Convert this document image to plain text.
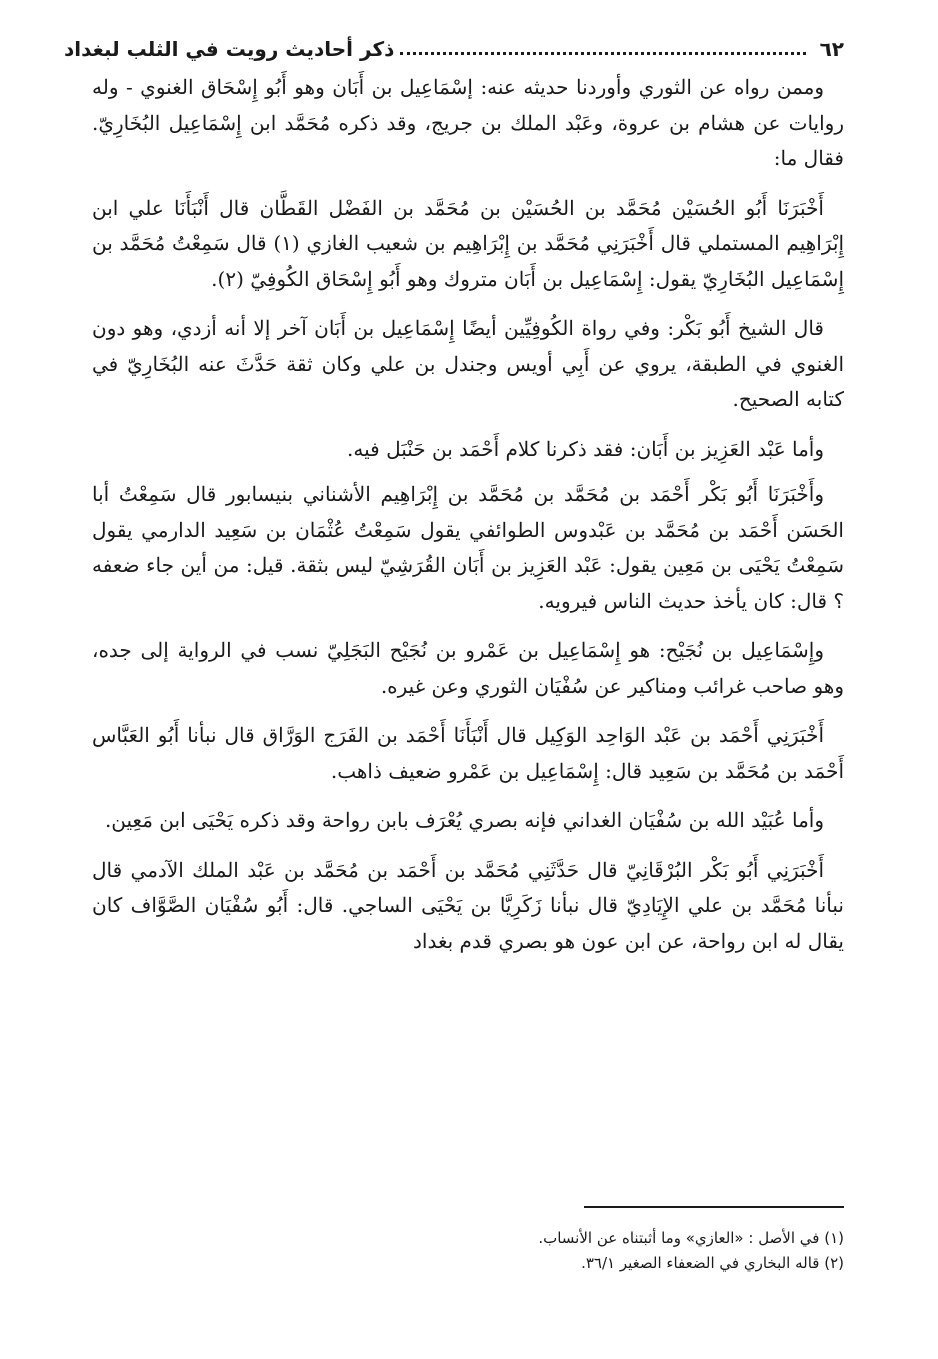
٦٢
ذكر أحاديث رويت في الثلب لبغداد

وممن رواه عن الثوري وأوردنا حديثه عنه: إسْمَاعِيل بن أَبَان وهو أَبُو إِسْحَاق الغنوي - وله روايات عن هشام بن عروة، وعَبْد الملك بن جريج، وقد ذكره مُحَمَّد ابن إِسْمَاعِيل البُخَارِيّ. فقال ما:

أَخْبَرَنَا أَبُو الحُسَيْن مُحَمَّد بن الحُسَيْن بن مُحَمَّد بن الفَضْل القَطَّان قال أَنْبَأَنَا علي ابن إِبْرَاهِيم المستملي قال أَخْبَرَنِي مُحَمَّد بن إِبْرَاهِيم بن شعيب الغازي (١) قال سَمِعْتُ مُحَمَّد بن إِسْمَاعِيل البُخَارِيّ يقول: إِسْمَاعِيل بن أَبَان متروك وهو أَبُو إِسْحَاق الكُوفِيّ (٢).

قال الشيخ أَبُو بَكْر: وفي رواة الكُوفِيِّين أيضًا إِسْمَاعِيل بن أَبَان آخر إلا أنه أزدي، وهو دون الغنوي في الطبقة، يروي عن أَبِي أويس وجندل بن علي وكان ثقة حَدَّثَ عنه البُخَارِيّ في كتابه الصحيح.

وأما عَبْد العَزِيز بن أَبَان: فقد ذكرنا كلام أَحْمَد بن حَنْبَل فيه.

وأَخْبَرَنَا أَبُو بَكْر أَحْمَد بن مُحَمَّد بن مُحَمَّد بن إِبْرَاهِيم الأشناني بنيسابور قال سَمِعْتُ أبا الحَسَن أَحْمَد بن مُحَمَّد بن عَبْدوس الطوائفي يقول سَمِعْتُ عُثْمَان بن سَعِيد الدارمي يقول سَمِعْتُ يَحْيَى بن مَعِين يقول: عَبْد العَزِيز بن أَبَان القُرَشِيّ ليس بثقة. قيل: من أين جاء ضعفه ؟ قال: كان يأخذ حديث الناس فيرويه.

وإِسْمَاعِيل بن نُجَيْح: هو إِسْمَاعِيل بن عَمْرو بن نُجَيْح البَجَلِيّ نسب في الرواية إلى جده، وهو صاحب غرائب ومناكير عن سُفْيَان الثوري وعن غيره.

أَخْبَرَنِي أَحْمَد بن عَبْد الوَاحِد الوَكِيل قال أَنْبَأَنَا أَحْمَد بن الفَرَج الوَرَّاق قال نبأنا أَبُو العَبَّاس أَحْمَد بن مُحَمَّد بن سَعِيد قال: إِسْمَاعِيل بن عَمْرو ضعيف ذاهب.

وأما عُبَيْد الله بن سُفْيَان الغداني فإنه بصري يُعْرَف بابن رواحة وقد ذكره يَحْيَى ابن مَعِين.

أَخْبَرَنِي أَبُو بَكْر البُرْقَانِيّ قال حَدَّثَنِي مُحَمَّد بن أَحْمَد بن مُحَمَّد بن عَبْد الملك الآدمي قال نبأنا مُحَمَّد بن علي الإِيَادِيّ قال نبأنا زَكَرِيَّا بن يَحْيَى الساجي. قال: أَبُو سُفْيَان الصَّوَّاف كان يقال له ابن رواحة، عن ابن عون هو بصري قدم بغداد

(١) في الأصل : «العازي» وما أثبتناه عن الأنساب.

(٢) قاله البخاري في الضعفاء الصغير ٣٦/١.
